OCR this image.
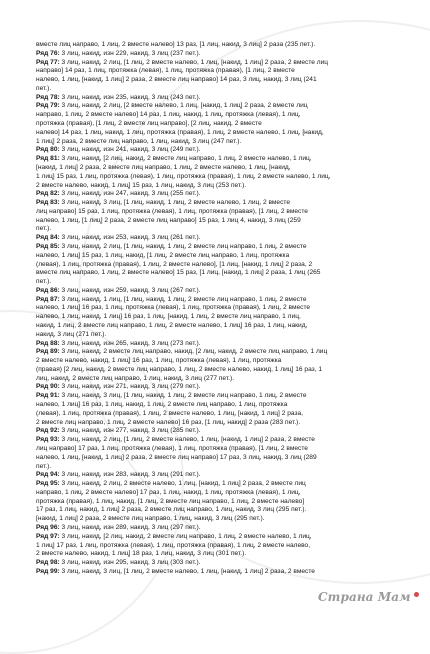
вместе лиц направо, 1 лиц, 2 вместе налево] 13 раз, [1 лиц, накид, 3 лиц] 2 раза (235 пет.).
Ряд 76: 3 лиц, накид, изн 229, накид, 3 лиц (237 пет.).
Ряд 77: 3 лиц, накид, 2 лиц, [1 лиц, 2 вместе налево, 1 лиц, [накид, 1 лиц] 2 раза, 2 вместе лиц
направо] 14 раз, 1 лиц, протяжка (левая), 1 лиц, протяжка (правая), [1 лиц, 2 вместе
налево, 1 лиц, [накид, 1 лиц] 2 раза, 2 вместе лиц направо] 14 раз, 3 лиц, накид, 3 лиц (241
пет.).
Ряд 78: 3 лиц, накид, изн 235, накид, 3 лиц (243 пет.).
Ряд 79: 3 лиц, накид, 2 лиц, [2 вместе налево, 1 лиц, [накид, 1 лиц] 2 раза, 2 вместе лиц
направо, 1 лиц, 2 вместе налево] 14 раз, 1 лиц, накид, 1 лиц, протяжка (левая), 1 лиц,
протяжка (правая), [1 лиц, 2 вместе лиц направо], [2 лиц, накид, 2 вместе
налево] 14 раз, 1 лиц, накид, 1 лиц, протяжка (правая), 1 лиц, 2 вместе налево, 1 лиц, [накид,
1 лиц] 2 раза, 2 вместе лиц направо, 1 лиц, накид, 3 лиц (247 пет.).
Ряд 80: 3 лиц, накид, изн 241, накид, 3 лиц (249 пет.).
Ряд 81: 3 лиц, накид, [2 лиц, накид, 2 вместе лиц направо, 1 лиц, 2 вместе налево, 1 лиц,
[накид, 1 лиц] 2 раза, 2 вместе лиц направо, 1 лиц, 2 вместе налево, 1 лиц, [накид,
1 лиц] 15 раз, 1 лиц, протяжка (левая), 1 лиц, протяжка (правая), 1 лиц, 2 вместе налево, 1 лиц,
2 вместе налево, накид, 1 лиц] 15 раз, 1 лиц, накид, 3 лиц (253 пет.).
Ряд 82: 3 лиц, накид, изн 247, накид, 3 лиц (255 пет.).
Ряд 83: 3 лиц, накид, 3 лиц, [1 лиц, накид, 1 лиц, 2 вместе налево, 1 лиц, 2 вместе
лиц направо] 15 раз, 1 лиц, протяжка (левая), 1 лиц, протяжка (правая), [1 лиц, 2 вместе
налево, 1 лиц, [1 лиц] 2 раза, 2 вместе лиц направо] 15 раз, 1 лиц 4, накид, 3 лиц (259
пет.).
Ряд 84: 3 лиц, накид, изн 253, накид, 3 лиц (261 пет.).
Ряд 85: 3 лиц, накид, 2 лиц, [1 лиц, накид, 1 лиц, 2 вместе лиц направо, 1 лиц, 2 вместе
налево, 1 лиц] 15 раз, 1 лиц, накид, [1 лиц, 2 вместе лиц направо, 1 лиц, протяжка
(левая), 1 лиц, протяжка (правая), 1 лиц, 2 вместе налево], [1 лиц, [накид, 1 лиц] 2 раза, 2
вместе лиц направо, 1 лиц, 2 вместе налево] 15 раз, [1 лиц, [накид, 1 лиц] 2 раза, 1 лиц (265
пет.).
Ряд 86: 3 лиц, накид, изн 259, накид, 3 лиц (267 пет.).
Ряд 87: 3 лиц, накид, 1 лиц, [1 лиц, накид, 1 лиц, 2 вместе лиц направо, 1 лиц, 2 вместе
налево, 1 лиц] 16 раз, 1 лиц, протяжка (левая), 1 лиц, протяжка (правая), 1 лиц, 2 вместе
налево, 1 лиц, накид, 1 лиц] 16 раз, 1 лиц, [накид, 1 лиц, 2 вместе лиц направо, 1 лиц,
накид, 1 лиц, 2 вместе лиц направо, 1 лиц, 2 вместе налево, 1 лиц] 16 раз, 1 лиц, накид,
накид, 3 лиц (271 пет.).
Ряд 88: 3 лиц, накид, изн 265, накид, 3 лиц (273 пет.).
Ряд 89: 3 лиц, накид, 2 вместе лиц направо, накид, [2 лиц, накид, 2 вместе лиц направо, 1 лиц
2 вместе налево, накид, 1 лиц] 16 раз, 1 лиц, протяжка (левая), 1 лиц, протяжка
(правая) [2 лиц, накид, 2 вместе лиц направо, 1 лиц, 2 вместе налево, накид, 1 лиц] 16 раз, 1
лиц, накид, 2 вместе лиц направо, 1 лиц, накид, 3 лиц (277 пет.).
Ряд 90: 3 лиц, накид, изн 271, накид, 3 лиц (279 пет.).
Ряд 91: 3 лиц, накид, 3 лиц, [1 лиц, накид, 1 лиц, 2 вместе лиц направо, 1 лиц, 2 вместе
налево, 1 лиц] 16 раз, 1 лиц, накид, 1 лиц, 2 вместе лиц направо, 1 лиц, протяжка
(левая), 1 лиц, протяжка (правая), 1 лиц, 2 вместе налево, 1 лиц, [накид, 1 лиц] 2 раза,
2 вместе лиц направо, 1 лиц, 2 вместе налево] 16 раз, [1 лиц, накид] 2 раза (283 пет.).
Ряд 92: 3 лиц, накид, изн 277, накид, 3 лиц (285 пет.).
Ряд 93: 3 лиц, накид, 2 лиц, [1 лиц, 2 вместе налево, 1 лиц, [накид, 1 лиц] 2 раза, 2 вместе
лиц направо] 17 раз, 1 лиц, протяжка (левая), 1 лиц, протяжка (правая), [1 лиц, 2 вместе
налево, 1 лиц, [накид, 1 лиц] 2 раза, 2 вместе лиц направо] 17 раз, 3 лиц, накид, 3 лиц (289
пет.).
Ряд 94: 3 лиц, накид, изн 283, накид, 3 лиц (291 пет.).
Ряд 95: 3 лиц, накид, 2 лиц, 2 вместе налево, 1 лиц, [накид, 1 лиц] 2 раза, 2 вместе лиц
направо, 1 лиц, 2 вместе налево] 17 раз, 1 лиц, накид, 1 лиц, протяжка (левая), 1 лиц,
протяжка (правая), 1 лиц, накид, [1 лиц, 2 вместе лиц направо, 1 лиц, 2 вместе налево]
17 раз, 1 лиц, накид, 1 лиц] 2 раза, 2 вместе лиц направо, 1 лиц, накид, 3 лиц (295 пет.).
[накид, 1 лиц] 2 раза, 2 вместе лиц направо, 1 лиц, накид, 3 лиц (295 пет.).
Ряд 96: 3 лиц, накид, изн 289, накид, 3 лиц (297 пет.).
Ряд 97: 3 лиц, накид, [2 лиц, накид, 2 вместе лиц направо, 1 лиц, 2 вместе налево, 1 лиц,
1 лиц] 17 раз, 1 лиц, протяжка (левая), 1 лиц, протяжка (правая), 1 лиц, 2 вместе налево,
2 вместе налево, накид, 1 лиц] 18 раз, 1 лиц, накид, 3 лиц (301 пет.).
Ряд 98: 3 лиц, накид, изн 295, накид, 3 лиц (303 пет.).
Ряд 99: 3 лиц, накид, 3 лиц, [1 лиц, 2 вместе налево, 1 лиц, [накид, 1 лиц] 2 раза, 2 вместе
Страна Мам
